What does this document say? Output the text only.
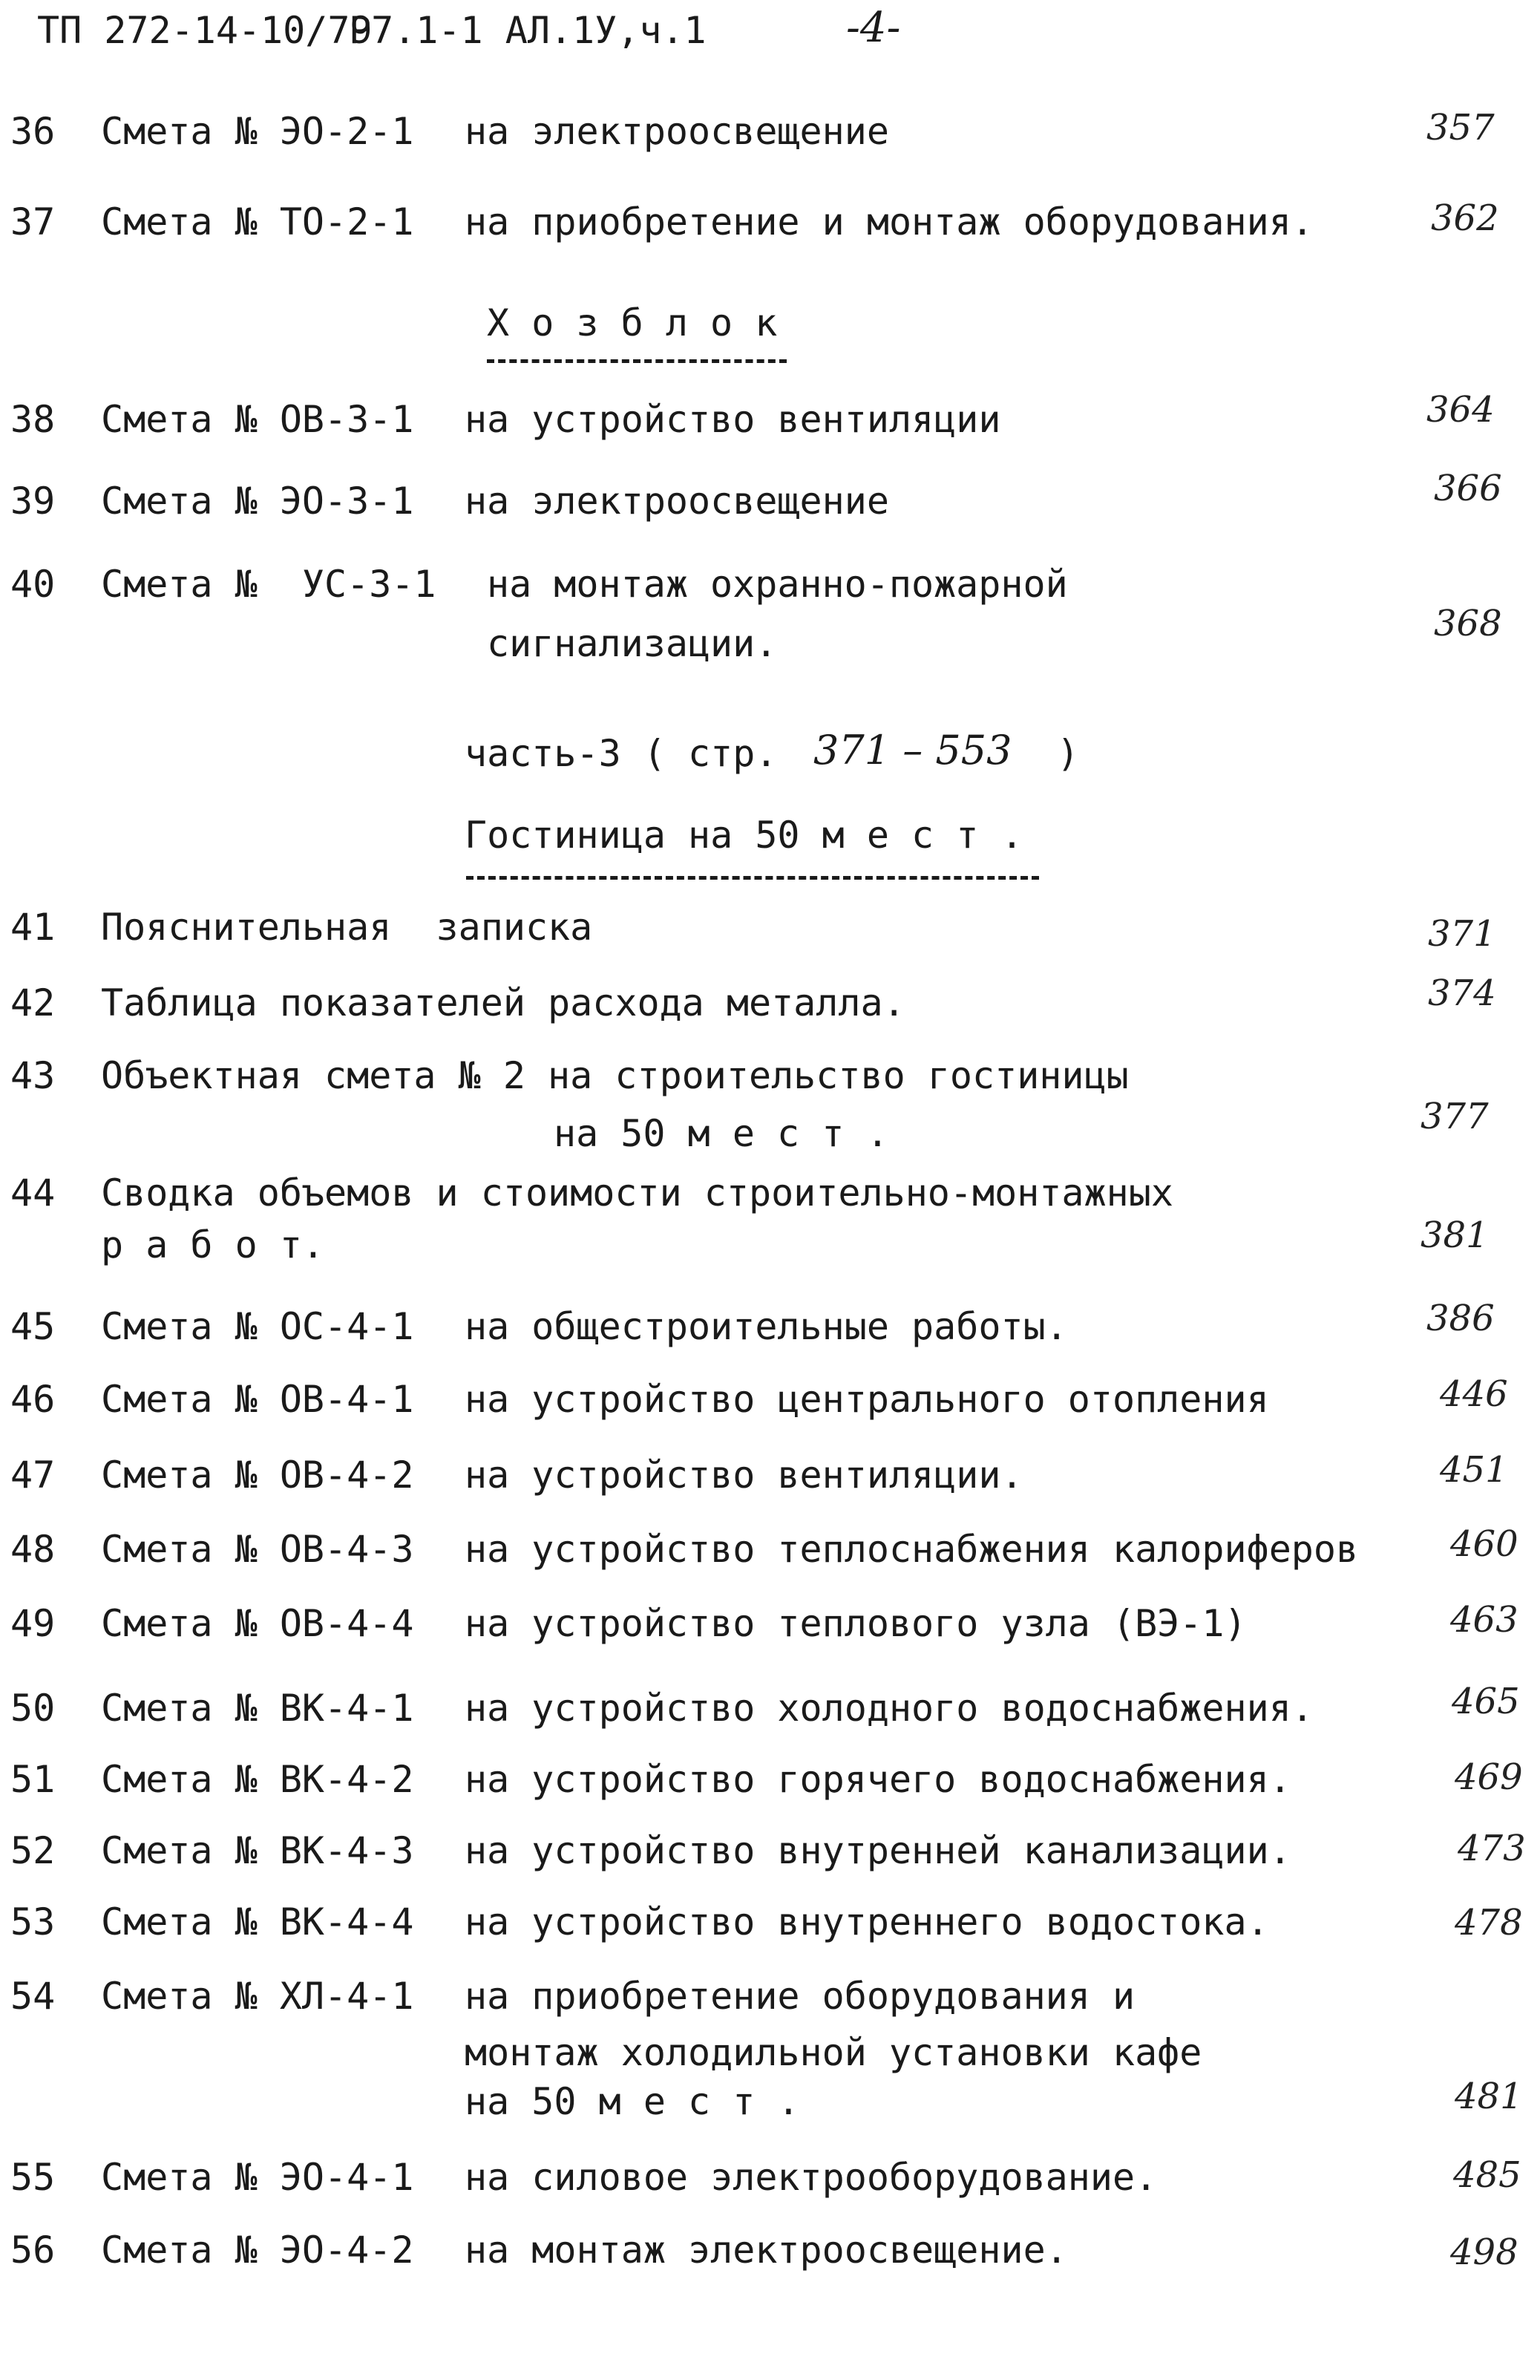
ТП 272-14-10/79
Р7.1-1 АЛ.1У,ч.1	-4-
36 Смета № ЭО-2-1 на электроосвещение	357
37 Смета № ТО-2-1 на приобретение и монтаж оборудования.	362
Х о з б л о к
38 Смета № ОВ-3-1 на устройство вентиляции	364
39 Смета № ЭО-3-1 на электроосвещение	366
40 Смета №  УС-3-1 на монтаж охранно-пожарной
сигнализации.	368
часть-3 ( стр. 371 – 553 )
Гостиница на 50 м е с т .
41 Пояснительная  записка	371
42 Таблица показателей расхода металла.	374
43 Объектная смета № 2 на строительство гостиницы
на 50 м е с т .	377
44 Сводка объемов и стоимости строительно-монтажных
р а б о т.	381
45 Смета № ОС-4-1 на общестроительные работы.	386
46 Смета № ОВ-4-1 на устройство центрального отопления	446
47 Смета № ОВ-4-2 на устройство вентиляции.	451
48 Смета № ОВ-4-3 на устройство теплоснабжения калориферов	460
49 Смета № ОВ-4-4 на устройство теплового узла (ВЭ-1)	463
50 Смета № ВК-4-1 на устройство холодного водоснабжения.	465
51 Смета № ВК-4-2 на устройство горячего водоснабжения.	469
52 Смета № ВК-4-3 на устройство внутренней канализации.	473
53 Смета № ВК-4-4 на устройство внутреннего водостока.	478
54 Смета № ХЛ-4-1 на приобретение оборудования и
монтаж холодильной установки кафе
на 50 м е с т .	481
55 Смета № ЭО-4-1 на силовое электрооборудование.	485
56 Смета № ЭО-4-2 на монтаж электроосвещение.	498
